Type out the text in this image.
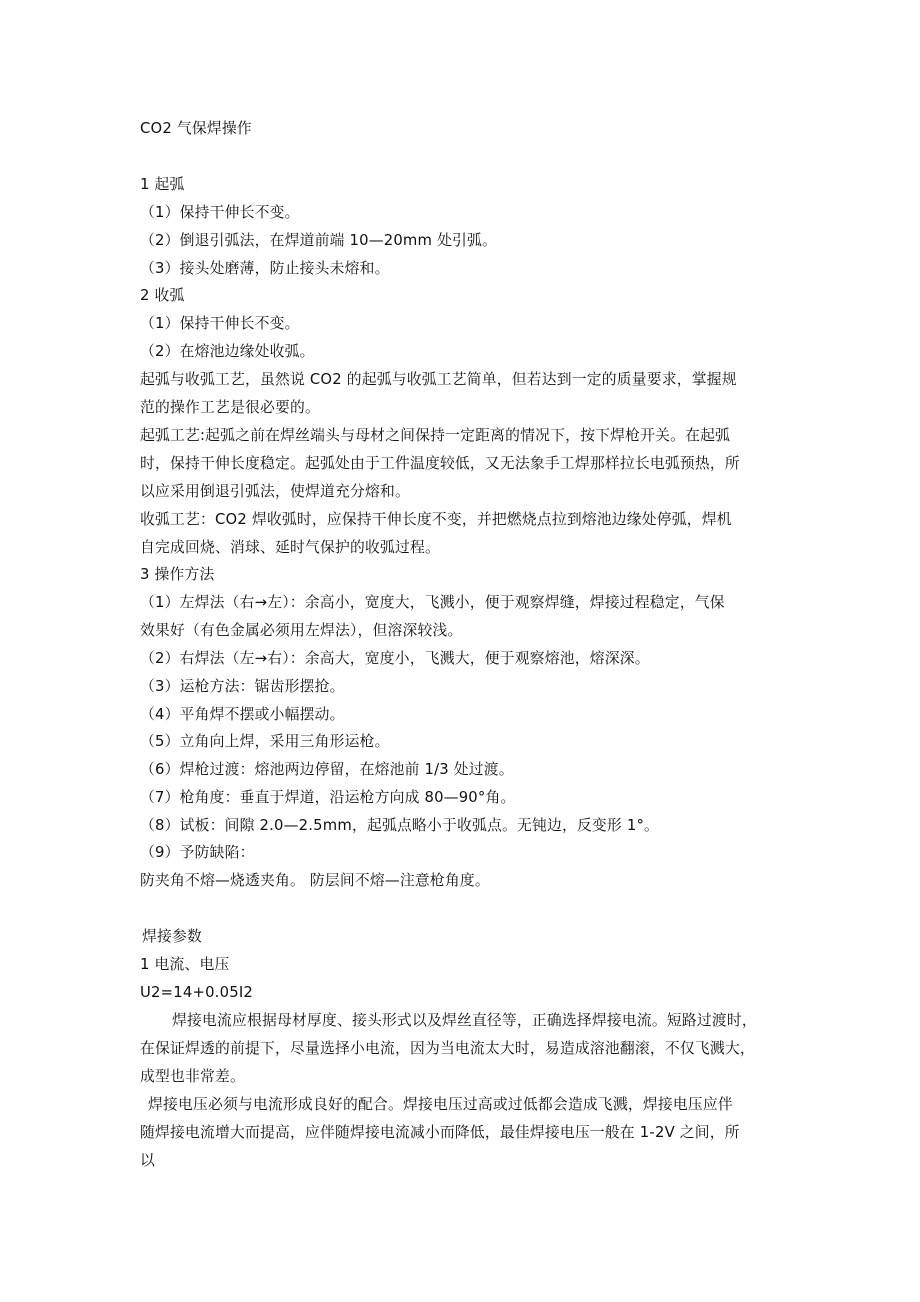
CO2 气保焊操作

1 起弧

（1）保持干伸长不变。

（2）倒退引弧法，在焊道前端 10—20mm 处引弧。

（3）接头处磨薄，防止接头未熔和。

2 收弧

（1）保持干伸长不变。

（2）在熔池边缘处收弧。

起弧与收弧工艺，虽然说 CO2 的起弧与收弧工艺简单，但若达到一定的质量要求，掌握规

范的操作工艺是很必要的。

起弧工艺:起弧之前在焊丝端头与母材之间保持一定距离的情况下，按下焊枪开关。在起弧

时，保持干伸长度稳定。起弧处由于工件温度较低，又无法象手工焊那样拉长电弧预热，所

以应采用倒退引弧法，使焊道充分熔和。

收弧工艺：CO2 焊收弧时，应保持干伸长度不变，并把燃烧点拉到熔池边缘处停弧，焊机

自完成回烧、消球、延时气保护的收弧过程。

3 操作方法

（1）左焊法（右→左）：余高小，宽度大，飞溅小，便于观察焊缝，焊接过程稳定，气保

效果好（有色金属必须用左焊法），但溶深较浅。

（2）右焊法（左→右）：余高大，宽度小，飞溅大，便于观察熔池，熔深深。

（3）运枪方法：锯齿形摆抢。

（4）平角焊不摆或小幅摆动。

（5）立角向上焊，采用三角形运枪。

（6）焊枪过渡：熔池两边停留，在熔池前 1/3 处过渡。

（7）枪角度：垂直于焊道，沿运枪方向成 80—90°角。

（8）试板：间隙 2.0—2.5mm，起弧点略小于收弧点。无钝边，反变形 1°。

（9）予防缺陷：

防夹角不熔—烧透夹角。 防层间不熔—注意枪角度。

焊接参数

1 电流、电压

U2=14+0.05I2

焊接电流应根据母材厚度、接头形式以及焊丝直径等，正确选择焊接电流。短路过渡时，

在保证焊透的前提下，尽量选择小电流，因为当电流太大时，易造成溶池翻滚，不仅飞溅大，

成型也非常差。

焊接电压必须与电流形成良好的配合。焊接电压过高或过低都会造成飞溅，焊接电压应伴

随焊接电流增大而提高，应伴随焊接电流减小而降低，最佳焊接电压一般在 1-2V 之间，所

以
